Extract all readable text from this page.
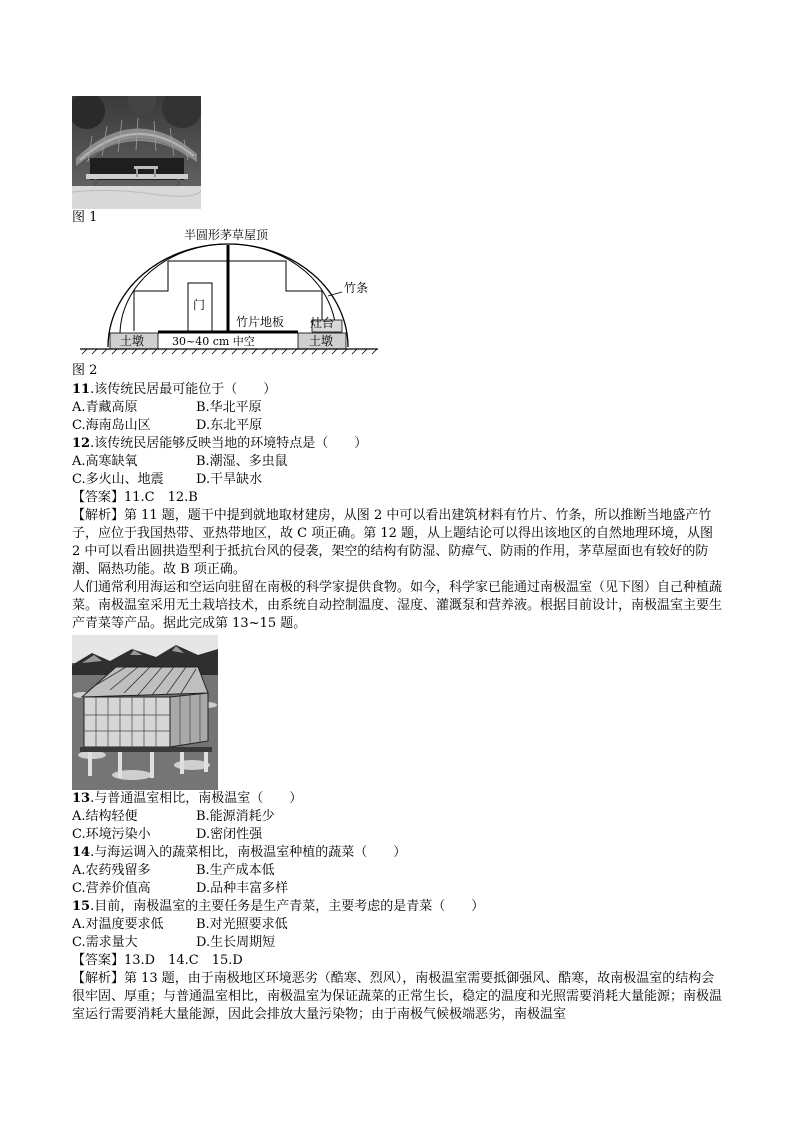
图 1
半圆形茅草屋顶
门
竹片地板 灶台
竹条
土墩	土墩
30~40 cm 中空
图 2
11.该传统民居最可能位于（　　）
A.青藏高原	B.华北平原
C.海南岛山区	D.东北平原
12.该传统民居能够反映当地的环境特点是（　　）
A.高寒缺氧	B.潮湿、多虫鼠
C.多火山、地震 D.干旱缺水
【答案】11.C　12.B
【解析】第 11 题，题干中提到就地取材建房，从图 2 中可以看出建筑材料有竹片、竹条，所以推断当地盛产竹子，应位于我国热带、亚热带地区，故 C 项正确。第 12 题，从上题结论可以得出该地区的自然地理环境，从图 2 中可以看出圆拱造型利于抵抗台风的侵袭，架空的结构有防湿、防瘴气、防雨的作用，茅草屋面也有较好的防潮、隔热功能。故 B 项正确。
人们通常利用海运和空运向驻留在南极的科学家提供食物。如今，科学家已能通过南极温室（见下图）自己种植蔬菜。南极温室采用无土栽培技术，由系统自动控制温度、湿度、灌溉泵和营养液。根据目前设计，南极温室主要生产青菜等产品。据此完成第 13~15 题。
13.与普通温室相比，南极温室（　　）
A.结构轻便	B.能源消耗少
C.环境污染小	D.密闭性强
14.与海运调入的蔬菜相比，南极温室种植的蔬菜（　　）
A.农药残留多	B.生产成本低
C.营养价值高	D.品种丰富多样
15.目前，南极温室的主要任务是生产青菜，主要考虑的是青菜（　　）
A.对温度要求低 B.对光照要求低
C.需求量大	D.生长周期短
【答案】13.D　14.C　15.D
【解析】第 13 题，由于南极地区环境恶劣（酷寒、烈风），南极温室需要抵御强风、酷寒，故南极温室的结构会很牢固、厚重；与普通温室相比，南极温室为保证蔬菜的正常生长，稳定的温度和光照需要消耗大量能源；南极温室运行需要消耗大量能源，因此会排放大量污染物；由于南极气候极端恶劣，南极温室
